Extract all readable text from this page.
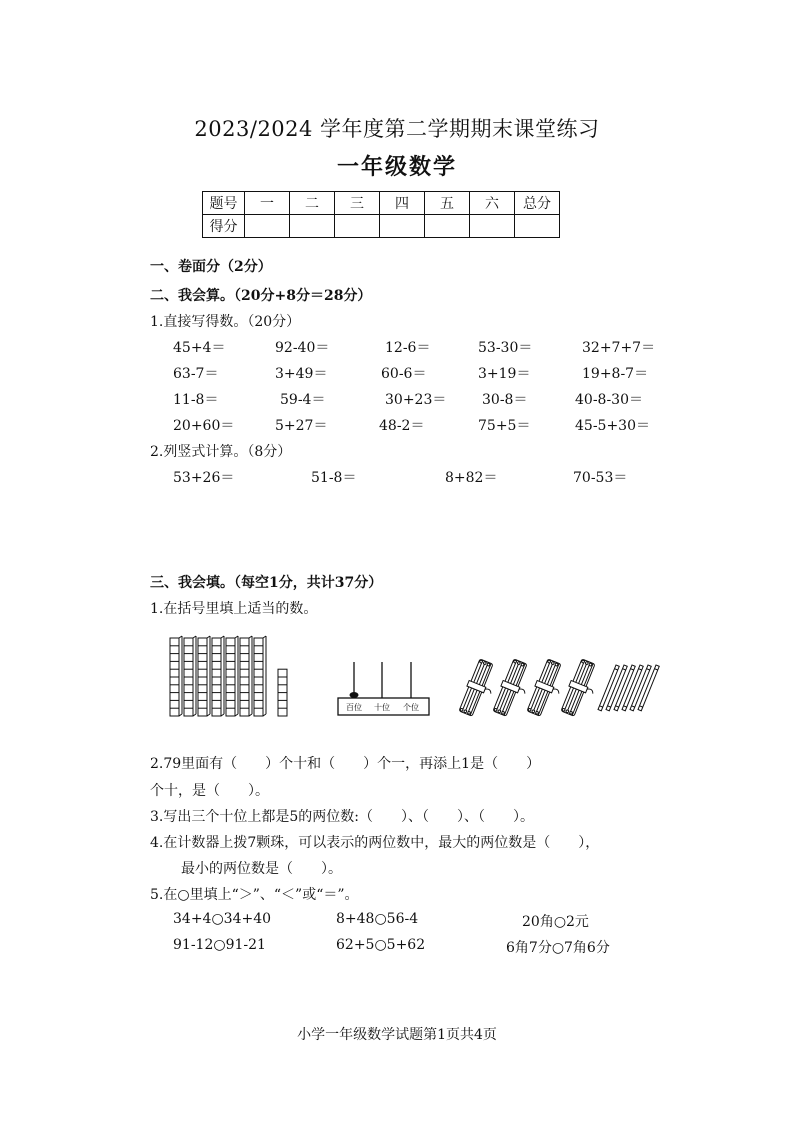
2023/2024 学年度第二学期期末课堂练习
一年级数学
题号	一	二	三	四	五	六	总分
得分							
一、卷面分（2分）
二、我会算。（20分+8分＝28分）
1.直接写得数。（20分）
45+4＝	92-40＝	12-6＝	53-30＝	32+7+7＝
63-7＝	3+49＝	60-6＝	3+19＝	19+8-7＝
11-8＝	59-4＝	30+23＝	30-8＝	40-8-30＝
20+60＝	5+27＝	48-2＝	75+5＝	45-5+30＝
2.列竖式计算。（8分）
53+26＝	51-8＝	8+82＝	70-53＝
三、我会填。（每空1分，共计37分）
1.在括号里填上适当的数。
百位 十位 个位
2.79里面有（　　）个十和（　　）个一，再添上1是（　　）
个十，是（　　）。
3.写出三个十位上都是5的两位数:（　　）、（　　）、（　　）。
4.在计数器上拨7颗珠，可以表示的两位数中，最大的两位数是（　　），
最小的两位数是（　　）。
5.在○里填上“＞”、“＜”或“＝”。
34+4○34+40	8+48○56-4	20角○2元
91-12○91-21	62+5○5+62	6角7分○7角6分
小学一年级数学试题第1页共4页
